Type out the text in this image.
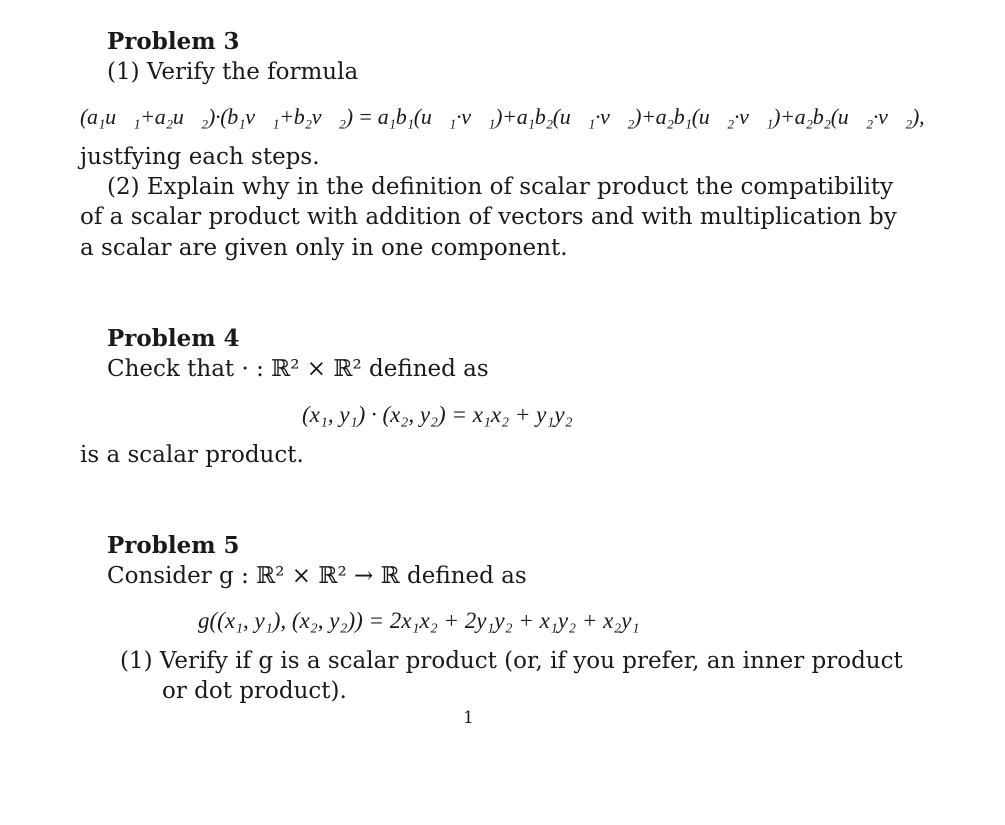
Problem 3
(1) Verify the formula
(a₁u⃗₁+a₂u⃗₂)·(b₁v⃗₁+b₂v⃗₂) = a₁b₁(u⃗₁·v⃗₁)+a₁b₂(u⃗₁·v⃗₂)+a₂b₁(u⃗₂·v⃗₁)+a₂b₂(u⃗₂·v⃗₂),
justfying each steps.
(2) Explain why in the definition of scalar product the compatibility
of a scalar product with addition of vectors and with multiplication by
a scalar are given only in one component.
Problem 4
Check that · : ℝ² × ℝ² defined as
(x₁, y₁) · (x₂, y₂) = x₁x₂ + y₁y₂
is a scalar product.
Problem 5
Consider g : ℝ² × ℝ² → ℝ defined as
g((x₁, y₁), (x₂, y₂)) = 2x₁x₂ + 2y₁y₂ + x₁y₂ + x₂y₁
(1) Verify if g is a scalar product (or, if you prefer, an inner product
or dot product).
1
